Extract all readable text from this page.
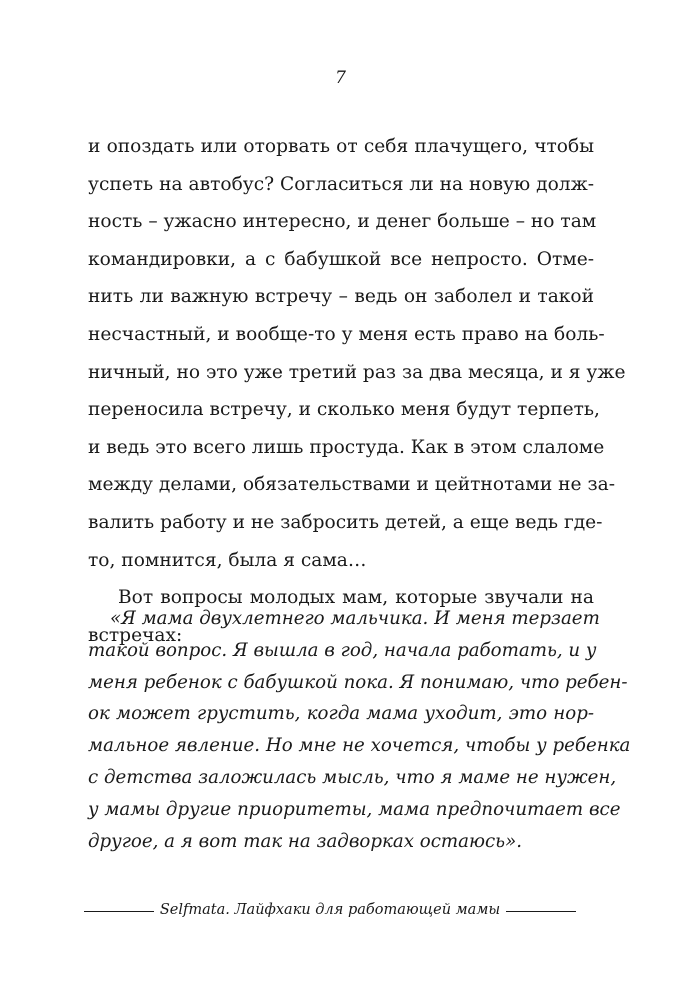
7
и опоздать или оторвать от себя плачущего, чтобы
успеть на автобус? Согласиться ли на новую долж-
ность – ужасно интересно, и денег больше – но там
командировки, а с бабушкой все непросто. Отме-
нить ли важную встречу – ведь он заболел и такой
несчастный, и вообще-то у меня есть право на боль-
ничный, но это уже третий раз за два месяца, и я уже
переносила встречу, и сколько меня будут терпеть,
и ведь это всего лишь простуда. Как в этом слаломе
между делами, обязательствами и цейтнотами не за-
валить работу и не забросить детей, а еще ведь где-
то, помнится, была я сама…
Вот вопросы молодых мам, которые звучали на
встречах:
«Я мама двухлетнего мальчика. И меня терзает
такой вопрос. Я вышла в год, начала работать, и у
меня ребенок с бабушкой пока. Я понимаю, что ребен-
ок может грустить, когда мама уходит, это нор-
мальное явление. Но мне не хочется, чтобы у ребенка
с детства заложилась мысль, что я маме не нужен,
у мамы другие приоритеты, мама предпочитает все
другое, а я вот так на задворках остаюсь».
Selfmata. Лайфхаки для работающей мамы
